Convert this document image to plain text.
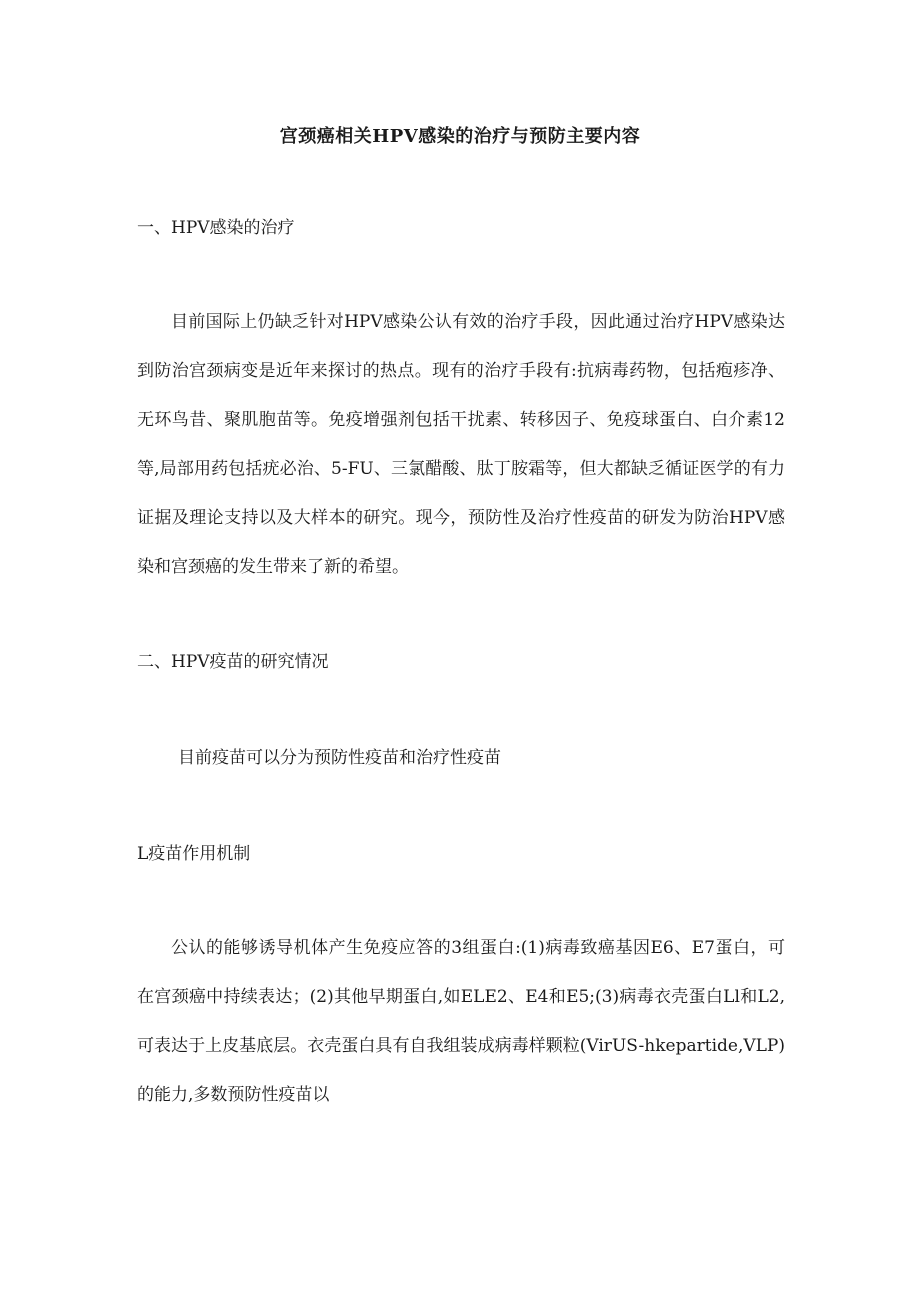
宫颈癌相关HPV感染的治疗与预防主要内容
一、HPV感染的治疗

目前国际上仍缺乏针对HPV感染公认有效的治疗手段，因此通过治疗HPV感染达到防治宫颈病变是近年来探讨的热点。现有的治疗手段有:抗病毒药物，包括疱疹净、无环鸟昔、聚肌胞苗等。免疫增强剂包括干扰素、转移因子、免疫球蛋白、白介素12等,局部用药包括疣必治、5-FU、三氯醋酸、肽丁胺霜等，但大都缺乏循证医学的有力证据及理论支持以及大样本的研究。现今，预防性及治疗性疫苗的研发为防治HPV感染和宫颈癌的发生带来了新的希望。

二、HPV疫苗的研究情况
目前疫苗可以分为预防性疫苗和治疗性疫苗
L疫苗作用机制

公认的能够诱导机体产生免疫应答的3组蛋白:(1)病毒致癌基因E6、E7蛋白，可在宫颈癌中持续表达；(2)其他早期蛋白,如ELE2、E4和E5;(3)病毒衣壳蛋白Ll和L2,可表达于上皮基底层。衣壳蛋白具有自我组装成病毒样颗粒(VirUS-hkepartide,VLP)的能力,多数预防性疫苗以
